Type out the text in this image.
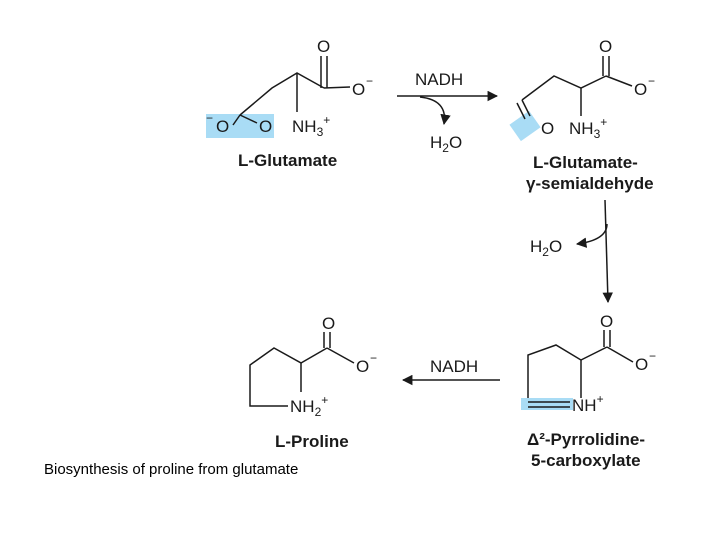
O
O −
− O O $NH_3^+$
L-Glutamate
NADH
$H_2O$
O
O −
O $NH_3^+$
L-Glutamate-
γ-semialdehyde
$H_2O$
O
O −
NH+
Δ²-Pyrrolidine-
5-carboxylate
NADH
O
O −
$NH_2^+$
L-Proline
Biosynthesis of proline from glutamate
